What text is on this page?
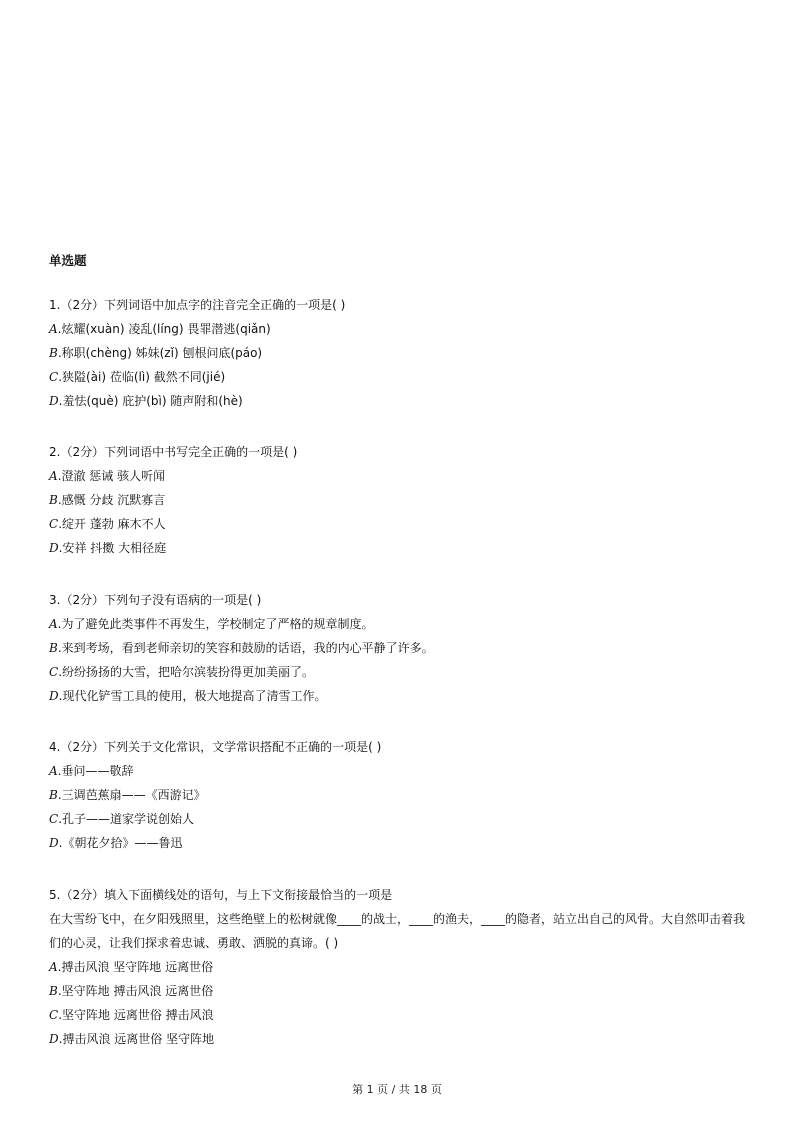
单选题
1.（2分）下列词语中加点字的注音完全正确的一项是( )
A.炫耀(xuàn) 凌乱(líng) 畏罪潜逃(qiǎn)
B.称职(chèng) 姊妹(zǐ) 刨根问底(páo)
C.狭隘(ài) 莅临(lì) 截然不同(jié)
D.羞怯(què) 庇护(bì) 随声附和(hè)
2.（2分）下列词语中书写完全正确的一项是( )
A.澄澈 惩诫 骇人听闻
B.感慨 分歧 沉默寡言
C.绽开 蓬勃 麻木不人
D.安祥 抖擞 大相径庭
3.（2分）下列句子没有语病的一项是( )
A.为了避免此类事件不再发生，学校制定了严格的规章制度。
B.来到考场，看到老师亲切的笑容和鼓励的话语，我的内心平静了许多。
C.纷纷扬扬的大雪，把哈尔滨装扮得更加美丽了。
D.现代化铲雪工具的使用，极大地提高了清雪工作。
4.（2分）下列关于文化常识，文学常识搭配不正确的一项是( )
A.垂问——敬辞
B.三调芭蕉扇——《西游记》
C.孔子——道家学说创始人
D.《朝花夕拾》——鲁迅
5.（2分）填入下面横线处的语句，与上下文衔接最恰当的一项是
在大雪纷飞中，在夕阳残照里，这些绝壁上的松树就像____的战士，____的渔夫，____的隐者，站立出自己的风骨。大自然叩击着我们的心灵，让我们探求着忠诚、勇敢、洒脱的真谛。( )
A.搏击风浪 坚守阵地 远离世俗
B.坚守阵地 搏击风浪 远离世俗
C.坚守阵地 远离世俗 搏击风浪
D.搏击风浪 远离世俗 坚守阵地
第 1 页 / 共 18 页
